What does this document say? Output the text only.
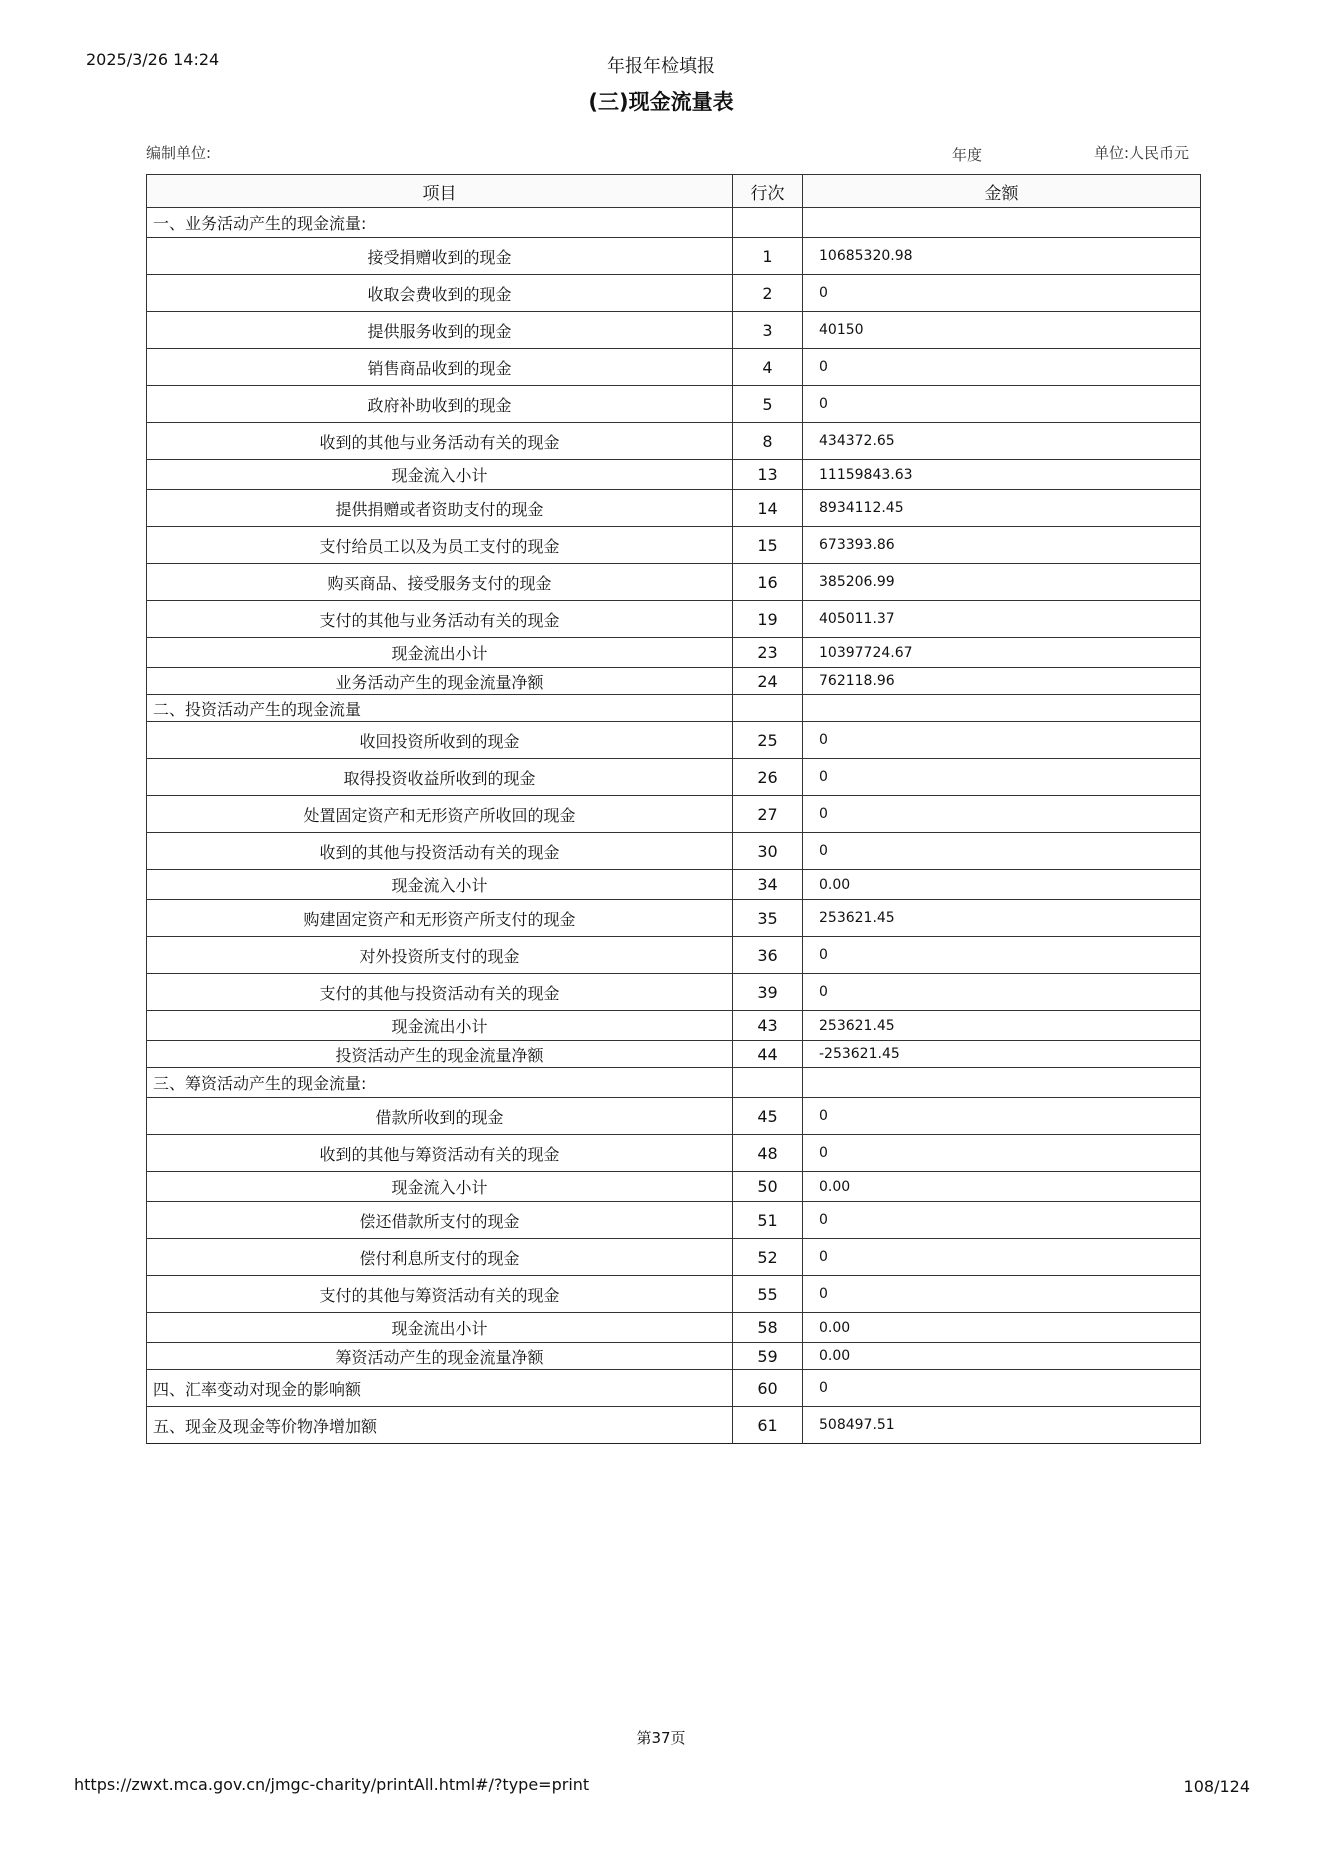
2025/3/26 14:24	年报年检填报
(三)现金流量表
编制单位:	年度	单位:人民币元
项目	行次	金额
一、业务活动产生的现金流量:		
接受捐赠收到的现金	1	10685320.98
收取会费收到的现金	2	0
提供服务收到的现金	3	40150
销售商品收到的现金	4	0
政府补助收到的现金	5	0
收到的其他与业务活动有关的现金	8	434372.65
现金流入小计	13	11159843.63
提供捐赠或者资助支付的现金	14	8934112.45
支付给员工以及为员工支付的现金	15	673393.86
购买商品、接受服务支付的现金	16	385206.99
支付的其他与业务活动有关的现金	19	405011.37
现金流出小计	23	10397724.67
业务活动产生的现金流量净额	24	762118.96
二、投资活动产生的现金流量		
收回投资所收到的现金	25	0
取得投资收益所收到的现金	26	0
处置固定资产和无形资产所收回的现金	27	0
收到的其他与投资活动有关的现金	30	0
现金流入小计	34	0.00
购建固定资产和无形资产所支付的现金	35	253621.45
对外投资所支付的现金	36	0
支付的其他与投资活动有关的现金	39	0
现金流出小计	43	253621.45
投资活动产生的现金流量净额	44	-253621.45
三、筹资活动产生的现金流量:		
借款所收到的现金	45	0
收到的其他与筹资活动有关的现金	48	0
现金流入小计	50	0.00
偿还借款所支付的现金	51	0
偿付利息所支付的现金	52	0
支付的其他与筹资活动有关的现金	55	0
现金流出小计	58	0.00
筹资活动产生的现金流量净额	59	0.00
四、汇率变动对现金的影响额	60	0
五、现金及现金等价物净增加额	61	508497.51
第37页
https://zwxt.mca.gov.cn/jmgc-charity/printAll.html#/?type=print	108/124
